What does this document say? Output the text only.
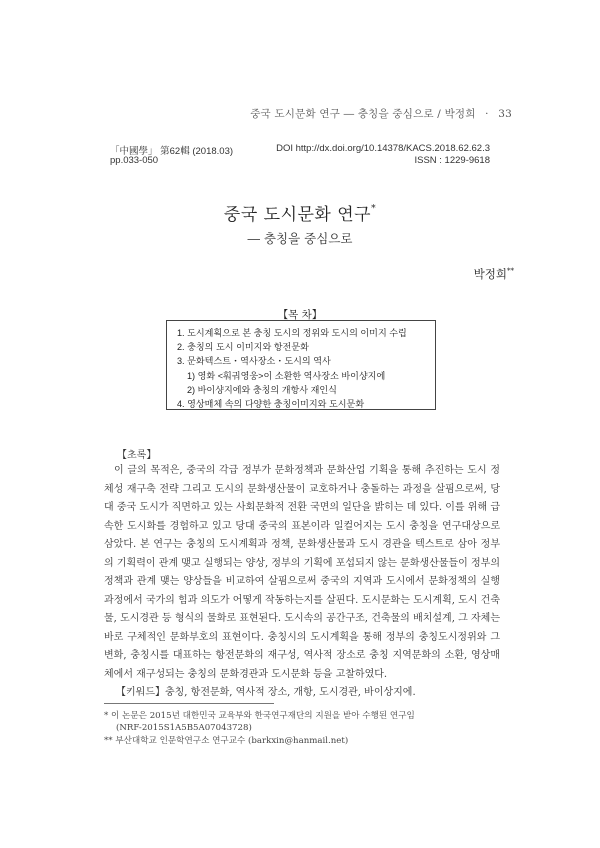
중국 도시문화 연구 ― 충칭을 중심으로 / 박정희 · 33
「中國學」 第62輯 (2018.03)	DOI http://dx.doi.org/10.14378/KACS.2018.62.62.3
pp.033-050	ISSN : 1229-9618
중국 도시문화 연구*
― 충칭을 중심으로
박정희**
【목 차】
1. 도시계획으로 본 충칭 도시의 정위와 도시의 이미지 수립
2. 충칭의 도시 이미지와 항전문화
3. 문화텍스트・역사장소・도시의 역사
1) 영화 <훠궈영웅>이 소환한 역사장소 바이샹지에
2) 바이샹지에와 충칭의 개항사 재인식
4. 영상매체 속의 다양한 충칭이미지와 도시문화
【초록】

이 글의 목적은, 중국의 각급 정부가 문화정책과 문화산업 기획을 통해 추진하는 도시 정체성 재구축 전략 그리고 도시의 문화생산물이 교호하거나 충돌하는 과정을 살핌으로써, 당대 중국 도시가 직면하고 있는 사회문화적 전환 국면의 일단을 밝히는 데 있다. 이를 위해 급속한 도시화를 경험하고 있고 당대 중국의 표본이라 일컬어지는 도시 충칭을 연구대상으로 삼았다. 본 연구는 충칭의 도시계획과 정책, 문화생산물과 도시 경관을 텍스트로 삼아 정부의 기획력이 관계 맺고 실행되는 양상, 정부의 기획에 포섭되지 않는 문화생산물들이 정부의 정책과 관계 맺는 양상들을 비교하여 살핌으로써 중국의 지역과 도시에서 문화정책의 실행과정에서 국가의 힘과 의도가 어떻게 작동하는지를 살핀다. 도시문화는 도시계획, 도시 건축물, 도시경관 등 형식의 물화로 표현된다. 도시속의 공간구조, 건축물의 배치설계, 그 자체는 바로 구체적인 문화부호의 표현이다. 충칭시의 도시계획을 통해 정부의 충칭도시정위와 그 변화, 충칭시를 대표하는 항전문화의 재구성, 역사적 장소로 충칭 지역문화의 소환, 영상매체에서 재구성되는 충칭의 문화경관과 도시문화 등을 고찰하였다.

【키워드】충칭, 항전문화, 역사적 장소, 개항, 도시경관, 바이상지에.
* 이 논문은 2015년 대한민국 교육부와 한국연구재단의 지원을 받아 수행된 연구임
(NRF-2015S1A5B5A07043728)
** 부산대학교 인문학연구소 연구교수 (barkxin@hanmail.net)
